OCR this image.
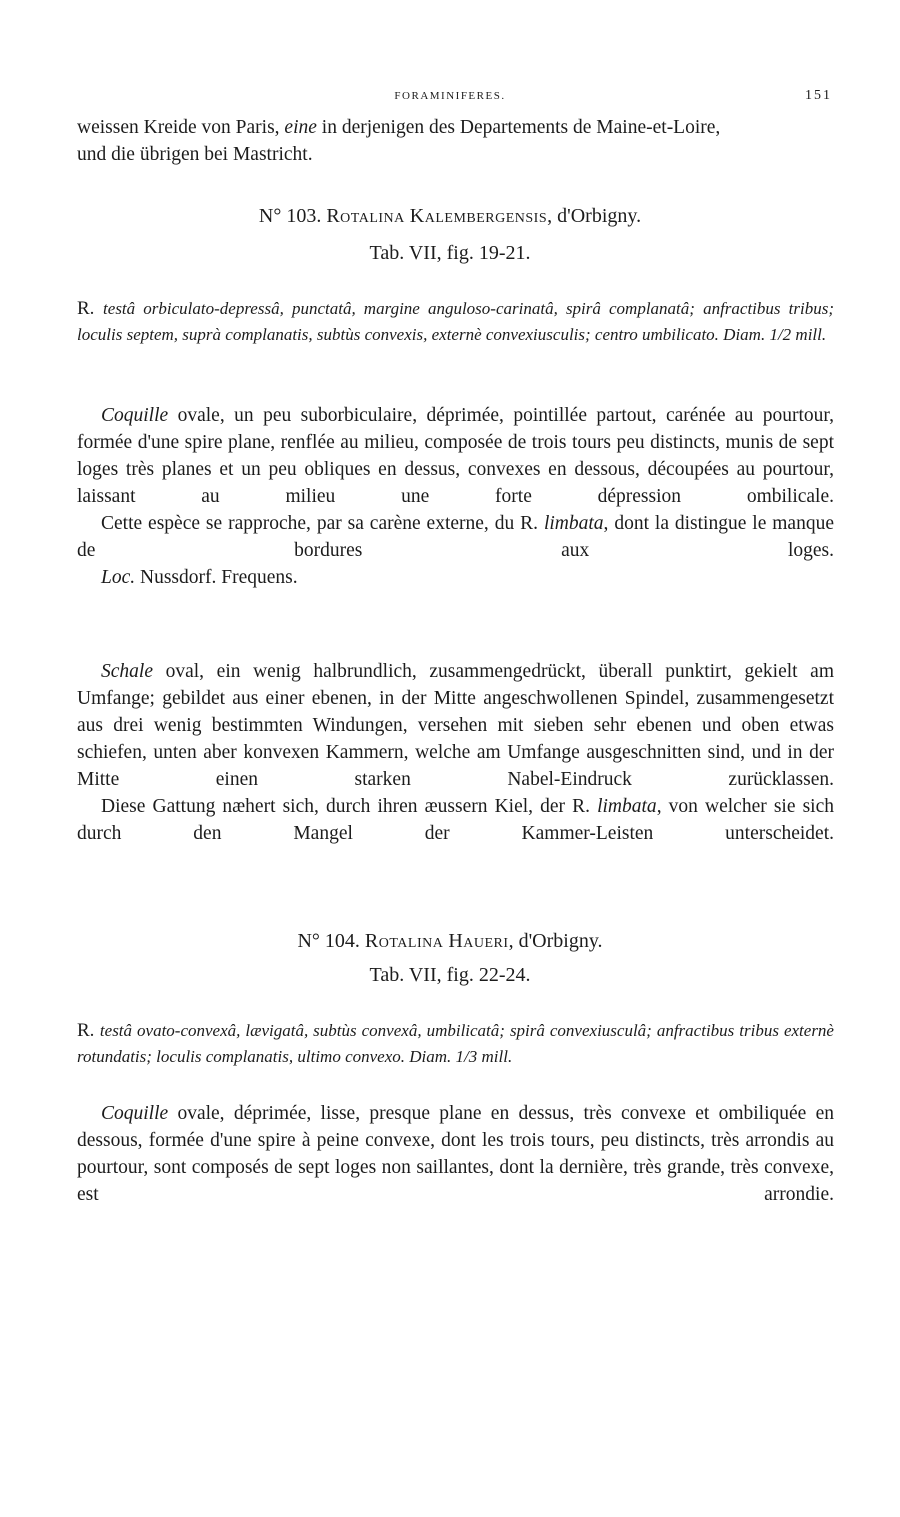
FORAMINIFERES.	151

weissen Kreide von Paris, eine in derjenigen des Departements de Maine-et-Loire,
und die übrigen bei Mastricht.

N° 103. Rotalina Kalembergensis, d'Orbigny.

Tab. VII, fig. 19-21.

R. testâ orbiculato-depressâ, punctatâ, margine anguloso-carinatâ, spirâ complanatâ; anfractibus tribus; loculis septem, suprà complanatis, subtùs convexis, externè convexiusculis; centro umbilicato. Diam. 1/2 mill.

Coquille ovale, un peu suborbiculaire, déprimée, pointillée partout, carénée au pourtour, formée d'une spire plane, renflée au milieu, composée de trois tours peu distincts, munis de sept loges très planes et un peu obliques en dessus, convexes en dessous, découpées au pourtour, laissant au milieu une forte dépression ombilicale.

Cette espèce se rapproche, par sa carène externe, du R. limbata, dont la distingue le manque de bordures aux loges.

Loc. Nussdorf. Frequens.

Schale oval, ein wenig halbrundlich, zusammengedrückt, überall punktirt, gekielt am Umfange; gebildet aus einer ebenen, in der Mitte angeschwollenen Spindel, zusammengesetzt aus drei wenig bestimmten Windungen, versehen mit sieben sehr ebenen und oben etwas schiefen, unten aber konvexen Kammern, welche am Umfange ausgeschnitten sind, und in der Mitte einen starken Nabel-Eindruck zurücklassen.

Diese Gattung næhert sich, durch ihren æussern Kiel, der R. limbata, von welcher sie sich durch den Mangel der Kammer-Leisten unterscheidet.

N° 104. Rotalina Haueri, d'Orbigny.

Tab. VII, fig. 22-24.

R. testâ ovato-convexâ, lævigatâ, subtùs convexâ, umbilicatâ; spirâ convexiusculâ; anfractibus tribus externè rotundatis; loculis complanatis, ultimo convexo. Diam. 1/3 mill.

Coquille ovale, déprimée, lisse, presque plane en dessus, très convexe et ombiliquée en dessous, formée d'une spire à peine convexe, dont les trois tours, peu distincts, très arrondis au pourtour, sont composés de sept loges non saillantes, dont la dernière, très grande, très convexe, est arrondie.
